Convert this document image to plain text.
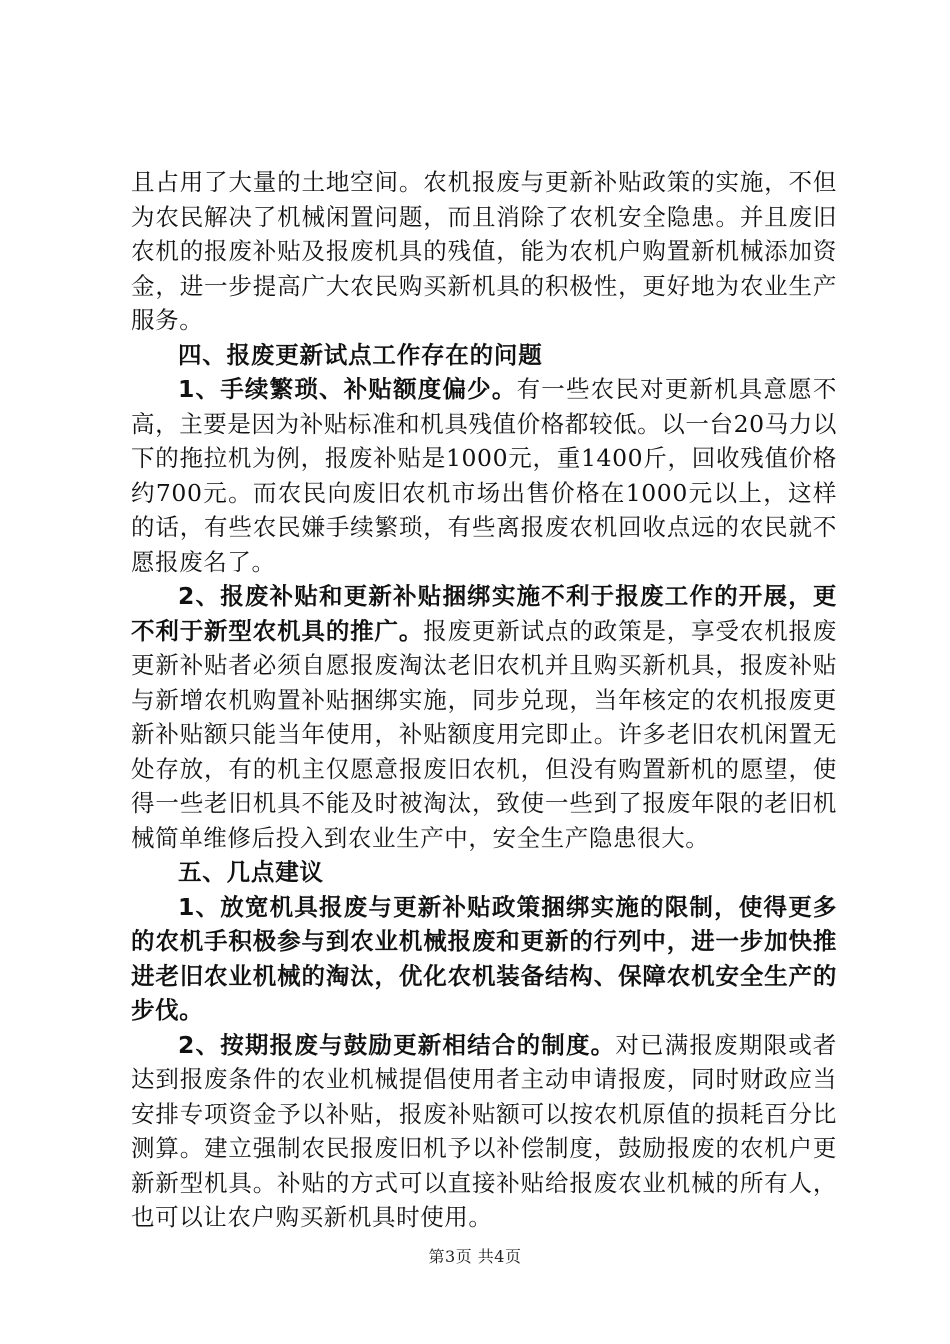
且占用了大量的土地空间。农机报废与更新补贴政策的实施，不但为农民解决了机械闲置问题，而且消除了农机安全隐患。并且废旧农机的报废补贴及报废机具的残值，能为农机户购置新机械添加资金，进一步提高广大农民购买新机具的积极性，更好地为农业生产服务。

四、报废更新试点工作存在的问题

1、手续繁琐、补贴额度偏少。有一些农民对更新机具意愿不高，主要是因为补贴标准和机具残值价格都较低。以一台20马力以下的拖拉机为例，报废补贴是1000元，重1400斤，回收残值价格约700元。而农民向废旧农机市场出售价格在1000元以上，这样的话，有些农民嫌手续繁琐，有些离报废农机回收点远的农民就不愿报废名了。

2、报废补贴和更新补贴捆绑实施不利于报废工作的开展，更不利于新型农机具的推广。报废更新试点的政策是，享受农机报废更新补贴者必须自愿报废淘汰老旧农机并且购买新机具，报废补贴与新增农机购置补贴捆绑实施，同步兑现，当年核定的农机报废更新补贴额只能当年使用，补贴额度用完即止。许多老旧农机闲置无处存放，有的机主仅愿意报废旧农机，但没有购置新机的愿望，使得一些老旧机具不能及时被淘汰，致使一些到了报废年限的老旧机械简单维修后投入到农业生产中，安全生产隐患很大。

五、几点建议

1、放宽机具报废与更新补贴政策捆绑实施的限制，使得更多的农机手积极参与到农业机械报废和更新的行列中，进一步加快推进老旧农业机械的淘汰，优化农机装备结构、保障农机安全生产的步伐。

2、按期报废与鼓励更新相结合的制度。对已满报废期限或者达到报废条件的农业机械提倡使用者主动申请报废，同时财政应当安排专项资金予以补贴，报废补贴额可以按农机原值的损耗百分比测算。建立强制农民报废旧机予以补偿制度，鼓励报废的农机户更新新型机具。补贴的方式可以直接补贴给报废农业机械的所有人，也可以让农户购买新机具时使用。

第3页 共4页
